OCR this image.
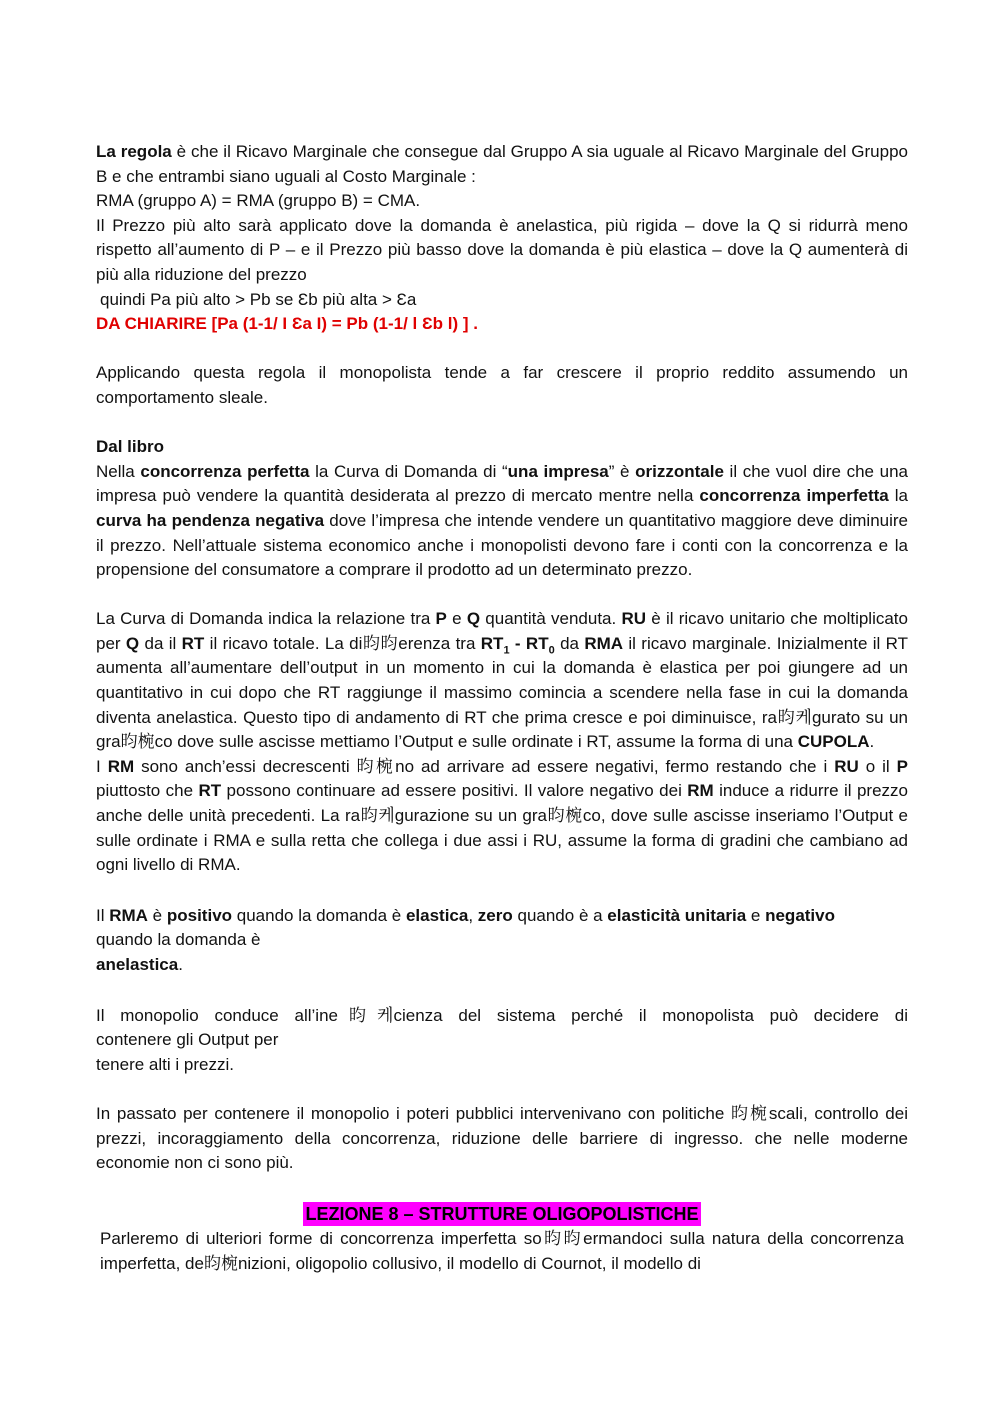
La regola è che il Ricavo Marginale che consegue dal Gruppo A sia uguale al Ricavo Marginale del Gruppo B e che entrambi siano uguali al Costo Marginale :

RMA (gruppo A) = RMA (gruppo B) = CMA.

Il Prezzo più alto sarà applicato dove la domanda è anelastica, più rigida – dove la Q si ridurrà meno rispetto all’aumento di P – e il Prezzo più basso dove la domanda è più elastica – dove la Q aumenterà di più alla riduzione del prezzo

quindi Pa più alto > Pb se Ɛb più alta > Ɛa

DA CHIARIRE [Pa (1-1/ I Ɛa I) = Pb (1-1/ l Ɛb l) ] .

Applicando questa regola il monopolista tende a far crescere il proprio reddito assumendo un comportamento sleale.

Dal libro

Nella concorrenza perfetta la Curva di Domanda di “una impresa” è orizzontale il che vuol dire che una impresa può vendere la quantità desiderata al prezzo di mercato mentre nella concorrenza imperfetta la curva ha pendenza negativa dove l’impresa che intende vendere un quantitativo maggiore deve diminuire il prezzo. Nell’attuale sistema economico anche i monopolisti devono fare i conti con la concorrenza e la propensione del consumatore a comprare il prodotto ad un determinato prezzo.

La Curva di Domanda indica la relazione tra P e Q quantità venduta. RU è il ricavo unitario che moltiplicato per Q da il RT il ricavo totale. La di昀昀erenza tra $RT_1 - RT_0$ da RMA il ricavo marginale. Inizialmente il RT aumenta all’aumentare dell’output in un momento in cui la domanda è elastica per poi giungere ad un quantitativo in cui dopo che RT raggiunge il massimo comincia a scendere nella fase in cui la domanda diventa anelastica. Questo tipo di andamento di RT che prima cresce e poi diminuisce, ra昀케gurato su un gra昀椀co dove sulle ascisse mettiamo l’Output e sulle ordinate i RT, assume la forma di una CUPOLA.

I RM sono anch’essi decrescenti 昀椀no ad arrivare ad essere negativi, fermo restando che i RU o il P piuttosto che RT possono continuare ad essere positivi. Il valore negativo dei RM induce a ridurre il prezzo anche delle unità precedenti. La ra昀케gurazione su un gra昀椀co, dove sulle ascisse inseriamo l’Output e sulle ordinate i RMA e sulla retta che collega i due assi i RU, assume la forma di gradini che cambiano ad ogni livello di RMA.

Il RMA è positivo quando la domanda è elastica, zero quando è a elasticità unitaria e negativo

quando la domanda è

anelastica.

Il monopolio conduce all’ine昀케cienza del sistema perché il monopolista può decidere di

contenere gli Output per

tenere alti i prezzi.

In passato per contenere il monopolio i poteri pubblici intervenivano con politiche 昀椀scali, controllo dei prezzi, incoraggiamento della concorrenza, riduzione delle barriere di ingresso. che nelle moderne economie non ci sono più.

LEZIONE 8 – STRUTTURE OLIGOPOLISTICHE

Parleremo di ulteriori forme di concorrenza imperfetta so昀昀ermandoci sulla natura della concorrenza imperfetta, de昀椀nizioni, oligopolio collusivo, il modello di Cournot, il modello di
